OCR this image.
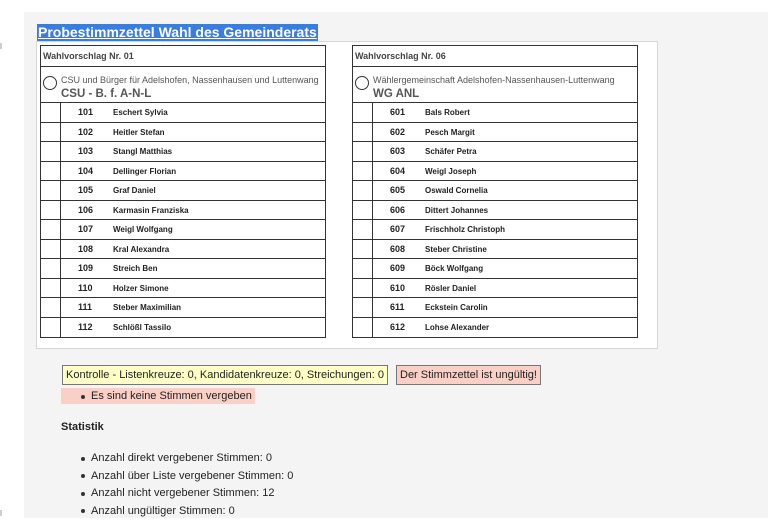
Probestimmzettel Wahl des Gemeinderats
Wahlvorschlag Nr. 01
CSU und Bürger für Adelshofen, Nassenhausen und Luttenwang
CSU - B. f. A-N-L
101 Eschert Sylvia
102 Heitler Stefan
103 Stangl Matthias
104 Dellinger Florian
105 Graf Daniel
106 Karmasin Franziska
107 Weigl Wolfgang
108 Kral Alexandra
109 Streich Ben
110	Holzer Simone
111	Steber Maximilian
112	Schlößl Tassilo
Wahlvorschlag Nr. 06
Wählergemeinschaft Adelshofen-Nassenhausen-Luttenwang
WG ANL
601 Bals Robert
602 Pesch Margit
603 Schäfer Petra
604 Weigl Joseph
605 Oswald Cornelia
606 Dittert Johannes
607 Frischholz Christoph
608 Steber Christine
609 Böck Wolfgang
610 Rösler Daniel
611	Eckstein Carolin
612 Lohse Alexander
Kontrolle - Listenkreuze: 0, Kandidatenkreuze: 0, Streichungen: 0	Der Stimmzettel ist ungültig!
Es sind keine Stimmen vergeben
Statistik
Anzahl direkt vergebener Stimmen: 0
Anzahl über Liste vergebener Stimmen: 0
Anzahl nicht vergebener Stimmen: 12
Anzahl ungültiger Stimmen: 0
